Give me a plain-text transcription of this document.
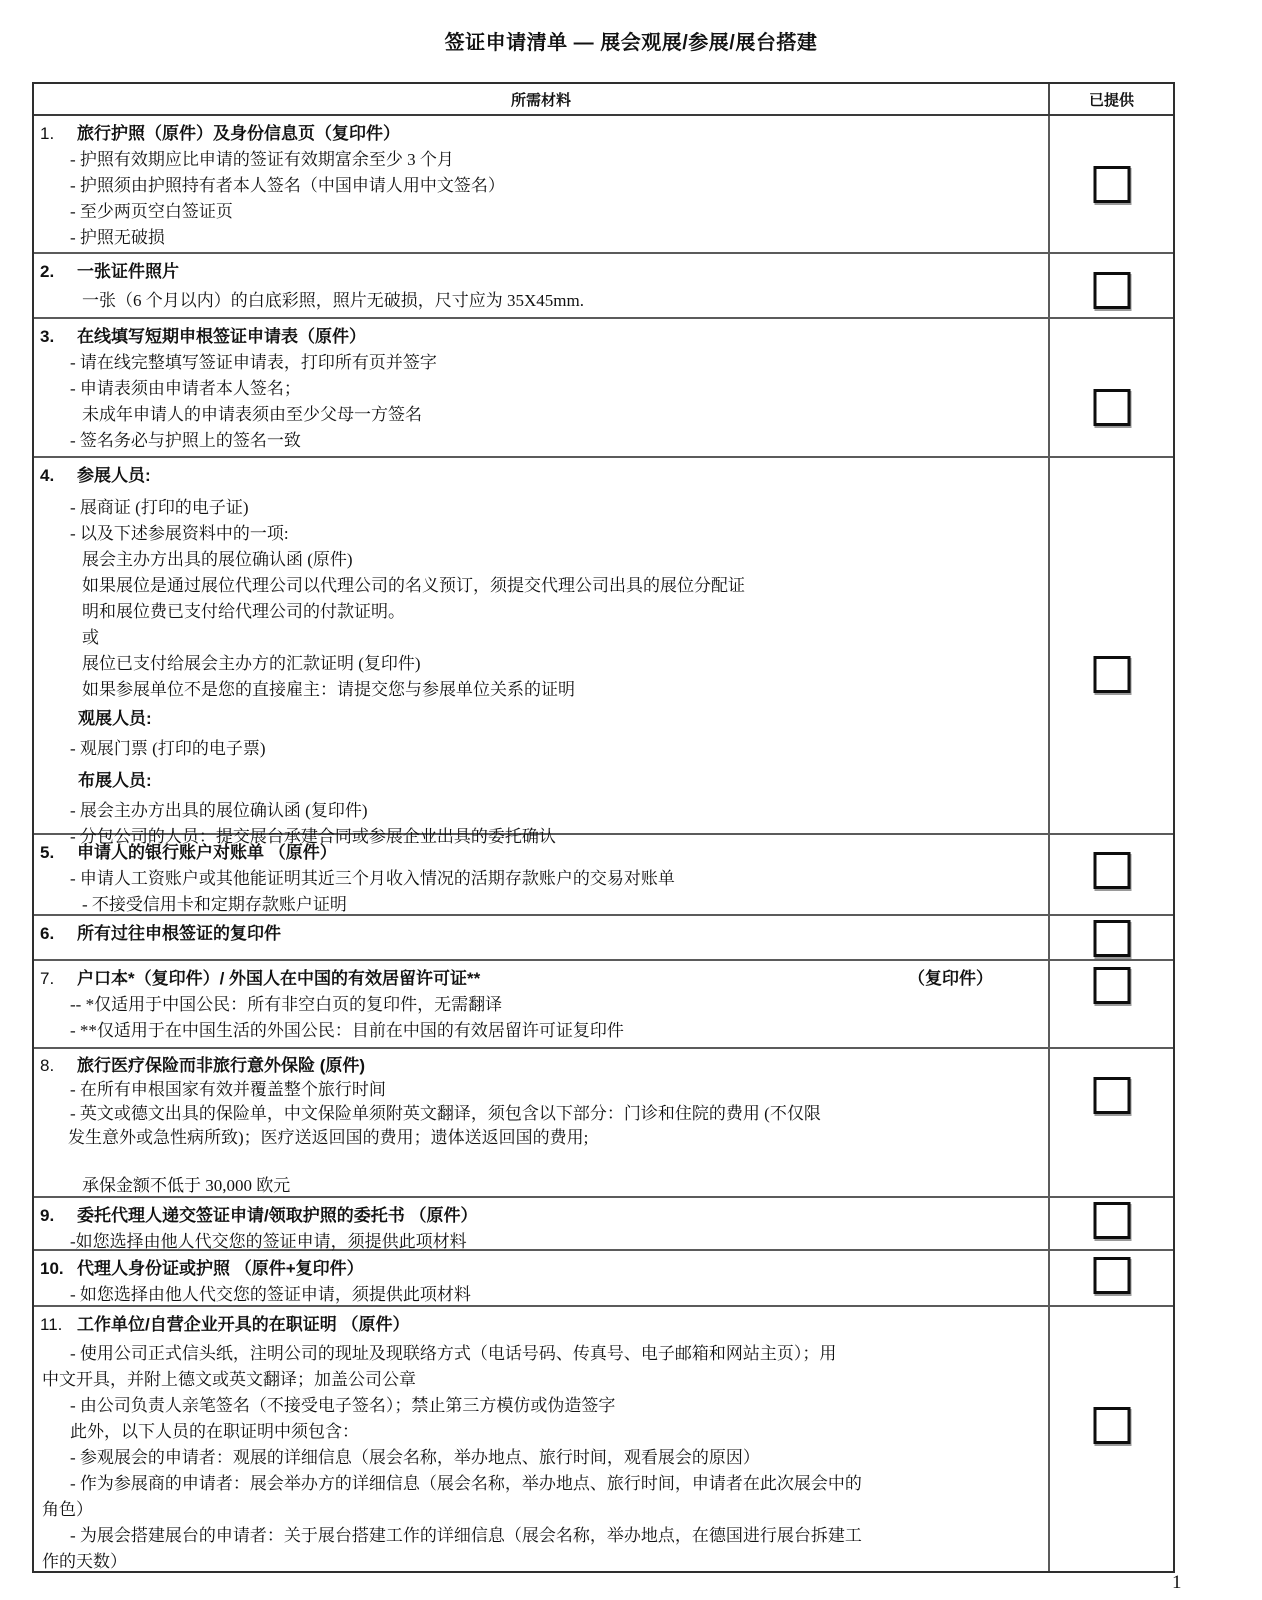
签证申请清单 — 展会观展/参展/展台搭建
所需材料	已提供
1. 旅行护照（原件）及身份信息页（复印件）
- 护照有效期应比申请的签证有效期富余至少 3 个月
- 护照须由护照持有者本人签名（中国申请人用中文签名）
- 至少两页空白签证页
- 护照无破损
2. 一张证件照片
一张（6 个月以内）的白底彩照，照片无破损，尺寸应为 35X45mm.
3. 在线填写短期申根签证申请表（原件）
- 请在线完整填写签证申请表，打印所有页并签字
- 申请表须由申请者本人签名；
未成年申请人的申请表须由至少父母一方签名
- 签名务必与护照上的签名一致
4. 参展人员:
- 展商证 (打印的电子证)
- 以及下述参展资料中的一项:
展会主办方出具的展位确认函 (原件)
如果展位是通过展位代理公司以代理公司的名义预订，须提交代理公司出具的展位分配证
明和展位费已支付给代理公司的付款证明。
或
展位已支付给展会主办方的汇款证明 (复印件)
如果参展单位不是您的直接雇主：请提交您与参展单位关系的证明
观展人员:
- 观展门票 (打印的电子票)
布展人员:
- 展会主办方出具的展位确认函 (复印件)
- 分包公司的人员：提交展台承建合同或参展企业出具的委托确认
5. 申请人的银行账户对账单 （原件）
- 申请人工资账户或其他能证明其近三个月收入情况的活期存款账户的交易对账单
- 不接受信用卡和定期存款账户证明
6. 所有过往申根签证的复印件
7. 户口本*（复印件）/ 外国人在中国的有效居留许可证**	（复印件）
-- *仅适用于中国公民：所有非空白页的复印件，无需翻译
- **仅适用于在中国生活的外国公民：目前在中国的有效居留许可证复印件
8. 旅行医疗保险而非旅行意外保险 (原件)
- 在所有申根国家有效并覆盖整个旅行时间
- 英文或德文出具的保险单，中文保险单须附英文翻译，须包含以下部分：门诊和住院的费用 (不仅限
发生意外或急性病所致)；医疗送返回国的费用；遗体送返回国的费用;

承保金额不低于 30,000 欧元
9. 委托代理人递交签证申请/领取护照的委托书 （原件）
-如您选择由他人代交您的签证申请，须提供此项材料
10. 代理人身份证或护照 （原件+复印件）
- 如您选择由他人代交您的签证申请，须提供此项材料
11. 工作单位/自营企业开具的在职证明 （原件）
- 使用公司正式信头纸，注明公司的现址及现联络方式（电话号码、传真号、电子邮箱和网站主页）；用
中文开具，并附上德文或英文翻译；加盖公司公章
- 由公司负责人亲笔签名（不接受电子签名）；禁止第三方模仿或伪造签字
此外，以下人员的在职证明中须包含：
- 参观展会的申请者：观展的详细信息（展会名称，举办地点、旅行时间，观看展会的原因）
- 作为参展商的申请者：展会举办方的详细信息（展会名称，举办地点、旅行时间，申请者在此次展会中的
角色）
- 为展会搭建展台的申请者：关于展台搭建工作的详细信息（展会名称，举办地点，在德国进行展台拆建工
作的天数）
1
